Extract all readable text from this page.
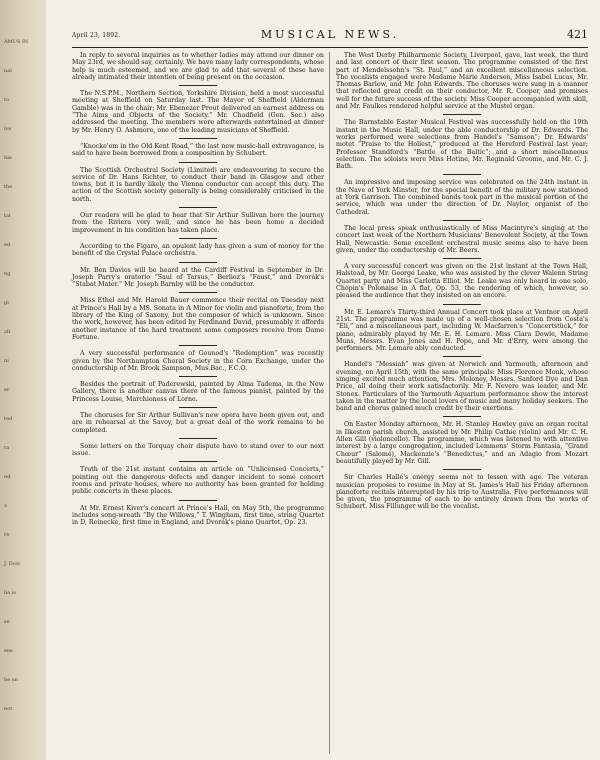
AMUS IN
nal
to
ive
hie
the
tal
ed
ng
gi
all
ni
er
ted
ra
nd
a
re
J. Dow
lie is
se
ens
he on
not
April 23, 1892.	MUSICAL NEWS.	421

In reply to several inquiries as to whether ladies may attend our dinner on May 23rd, we should say, certainly. We have many lady correspondents, whose help is much esteemed, and we are glad to add that several of these have already intimated their intention of being present on the occasion.

The N.S.P.M., Northern Section, Yorkshire Division, held a most successful meeting at Sheffield on Saturday last. The Mayor of Sheffield (Alderman Gamble) was in the chair; Mr. Ebenezer Prout delivered an earnest address on “The Aims and Objects of the Society.” Mr. Chadfield (Gen. Sec.) also addressed the meeting. The members were afterwards entertained at dinner by Mr. Henry O. Ashmore, one of the leading musicians of Sheffield.

“Knocke'em in the Old Kent Road,” the last new music-hall extravagance, is said to have been borrowed from a composition by Schubert.

The Scottish Orchestral Society (Limited) are endeavouring to secure the service of Dr. Hans Richter, to conduct their band in Glasgow and other towns, but it is hardly likely the Vienna conductor can accept this duty. The action of the Scottish society generally is being considerably criticised in the north.

Our readers will be glad to hear that Sir Arthur Sullivan bore the journey from the Riviera very well, and since he has been home a decided improvement in his condition has taken place.

According to the Figaro, an opulent lady has given a sum of money for the benefit of the Crystal Palace orchestra.

Mr. Ben Davies will be heard at the Cardiff Festival in September in Dr. Joseph Parry's oratorio “Saul of Tarsus,” Berlioz's “Faust,” and Dvorák's “Stabat Mater.” Mr. Joseph Barnby will be the conductor.

Miss Ethel and Mr. Harold Bauer commence their recital on Tuesday next at Prince's Hall by a MS. Sonata in A Minor for violin and pianoforte, from the library of the King of Saxony, but the composer of which is unknown. Since the work, however, has been edited by Ferdinand David, presumably it affords another instance of the hard treatment some composers receive from Dame Fortune.

A very successful performance of Gounod's “Redemption” was recently given by the Northampton Choral Society in the Corn Exchange, under the conductorship of Mr. Brook Sampson, Mus.Bac., F.C.O.

Besides the portrait of Paderewski, painted by Alma Tadema, in the New Gallery, there is another canvas there of the famous pianist, painted by the Princess Louise, Marchioness of Lorne.

The choruses for Sir Arthur Sullivan's new opera have been given out, and are in rehearsal at the Savoy, but a great deal of the work remains to be completed.

Some letters on the Torquay choir dispute have to stand over to our next issue.

Truth of the 21st instant contains an article on “Unlicensed Concerts,” pointing out the dangerous defects and danger incident to some concert rooms and private houses, where no authority has been granted for holding public concerts in these places.

At Mr. Ernest Kiver's concert at Prince's Hall, on May 5th, the programme includes song-wreath “By the Willows,” T. Wingham, first time, string Quartet in D, Reinecke, first time in England, and Dvorák's piano Quartet, Op. 23.

The West Derby Philharmonic Society, Liverpool, gave, last week, the third and last concert of their first season. The programme consisted of the first part of Mendelssohn's “St. Paul,” and an excellent miscellaneous selection. The vocalists engaged were Madame Marie Andersen, Miss Isabel Lucas, Mr. Thomas Barlow, and Mr. John Edwards. The choruses were sung in a manner that reflected great credit on their conductor, Mr. R. Cooper, and promises well for the future success of the society. Miss Cooper accompanied with skill, and Mr. Faulkes rendered helpful service at the Mustel organ.

The Barnstable Easter Musical Festival was successfully held on the 19th instant in the Music Hall, under the able conductorship of Dr. Edwards. The works performed were selections from Handel's “Samson”; Dr. Edwards' motet “Praise to the Holiest,” produced at the Hereford Festival last year; Professor Standford's “Battle of the Baltic”; and a short miscellaneous selection. The soloists were Miss Hotine, Mr. Reginald Groome, and Mr. C. J. Bath.

An impressive and imposing service was celebrated on the 24th instant in the Nave of York Minster, for the special benefit of the military now stationed at York Garrison. The combined bands took part in the musical portion of the service, which was under the direction of Dr. Naylor, organist of the Cathedral.

The local press speak enthusiastically of Miss Macintyre's singing at the concert last week of the Northern Musicians' Benevolent Society, at the Town Hall, Newcastle. Some excellent orchestral music seems also to have been given, under the conductorship of Mr. Beers.

A very successful concert was given on the 21st instant at the Town Hall, Halstead, by Mr. George Leake, who was assisted by the clever Walenn String Quartet party and Miss Carlotta Elliot. Mr. Leake was only heard in one solo, Chopin's Polonaise in A flat, Op. 53, the rendering of which, however, so pleased the audience that they insisted on an encore.

Mr. E. Lemare's Thirty-third Annual Concert took place at Ventnor on April 21st. The programme was made up of a well-chosen selection from Costa's “Eli,” and a miscellaneous part, including W. Macfarren's “Concertstück,” for piano, admirably played by Mr. E. H. Lemare. Miss Clara Dowle, Madame Muns, Messrs. Evan Jones and H. Pope, and Mr. d'Erry, were among the performers. Mr. Lemare ably conducted.

Handel's “Messiah” was given at Norwich and Yarmouth, afternoon and evening, on April 15th, with the same principals: Miss Florence Monk, whose singing excited much attention, Mrs. Moloney, Messrs. Sanford Dye and Dan Price, all doing their work satisfactorily. Mr. F. Nevere was leader, and Mr. Stonex. Particulars of the Yarmouth Aquarium performance show the interest taken in the matter by the local lovers of music and many holiday seekers. The band and chorus gained much credit by their exertions.

On Easter Monday afternoon, Mr. H. Stanley Hawley gave an organ recital in Ilkeston parish church, assisted by Mr. Philip Cathie (violin) and Mr. C. H. Allen Gill (violoncello). The programme, which was listened to with attentive interest by a large congregation, included Lemmens' Storm Fantasia, “Grand Chœur” (Salomé), Mackenzie's “Benedictus,” and an Adagio from Mozart beautifully played by Mr. Gill.

Sir Charles Hallé's energy seems not to lessen with age. The veteran musician proposes to resume in May at St. James's Hall his Friday afternoon pianoforte recitals interrupted by his trip to Australia. Five performances will be given, the programme of each to be entirely drawn from the works of Schubert. Miss Fillunger will be the vocalist.
